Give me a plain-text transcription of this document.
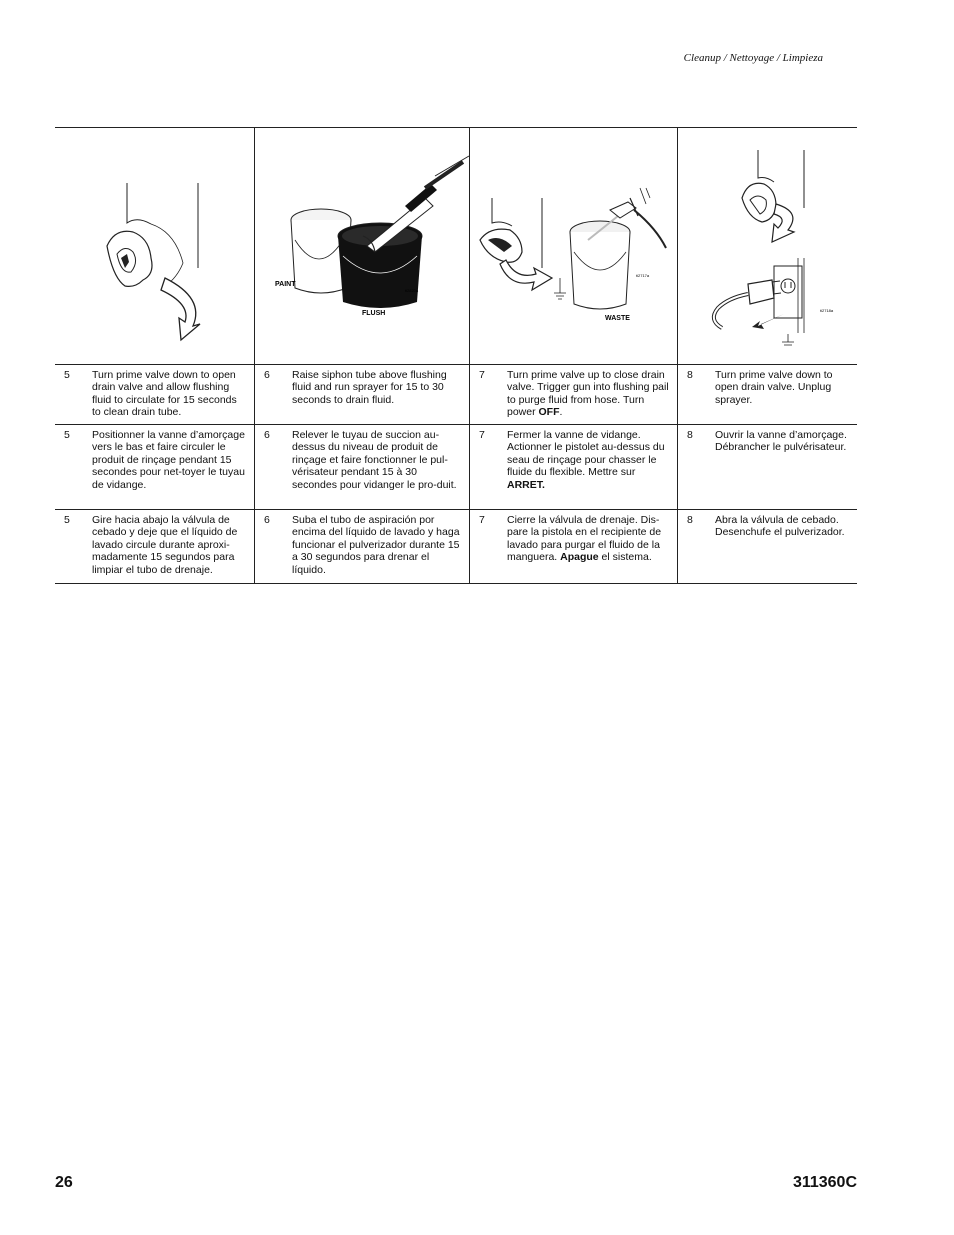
Cleanup / Nettoyage / Limpieza
PAINT
FLUSH
ti2820a
WASTE
ti2717a
ti2718a
5	Turn prime valve down to open drain valve and allow flushing fluid to circulate for 15 seconds to clean drain tube.
6	Raise siphon tube above flushing fluid and run sprayer for 15 to 30 seconds to drain fluid.
7	Turn prime valve up to close drain valve. Trigger gun into flushing pail to purge fluid from hose. Turn power OFF.
8	Turn prime valve down to open drain valve. Unplug sprayer.
5	Positionner la vanne d’amorçage vers le bas et faire circuler le produit de rinçage pendant 15 secondes pour net-toyer le tuyau de vidange.
6	Relever le tuyau de succion au-dessus du niveau de produit de rinçage et faire fonctionner le pul-vérisateur pendant 15 à 30 secondes pour vidanger le pro-duit.
7	Fermer la vanne de vidange. Actionner le pistolet au-dessus du seau de rinçage pour chasser le fluide du flexible. Mettre sur ARRET.
8	Ouvrir la vanne d’amorçage. Débrancher le pulvérisateur.
5	Gire hacia abajo la válvula de cebado y deje que el líquido de lavado circule durante aproxi-madamente 15 segundos para limpiar el tubo de drenaje.
6	Suba el tubo de aspiración por encima del líquido de lavado y haga funcionar el pulverizador durante 15 a 30 segundos para drenar el líquido.
7	Cierre la válvula de drenaje. Dis-pare la pistola en el recipiente de lavado para purgar el fluido de la manguera. Apague el sistema.
8	Abra la válvula de cebado. Desenchufe el pulverizador.
26	311360C
